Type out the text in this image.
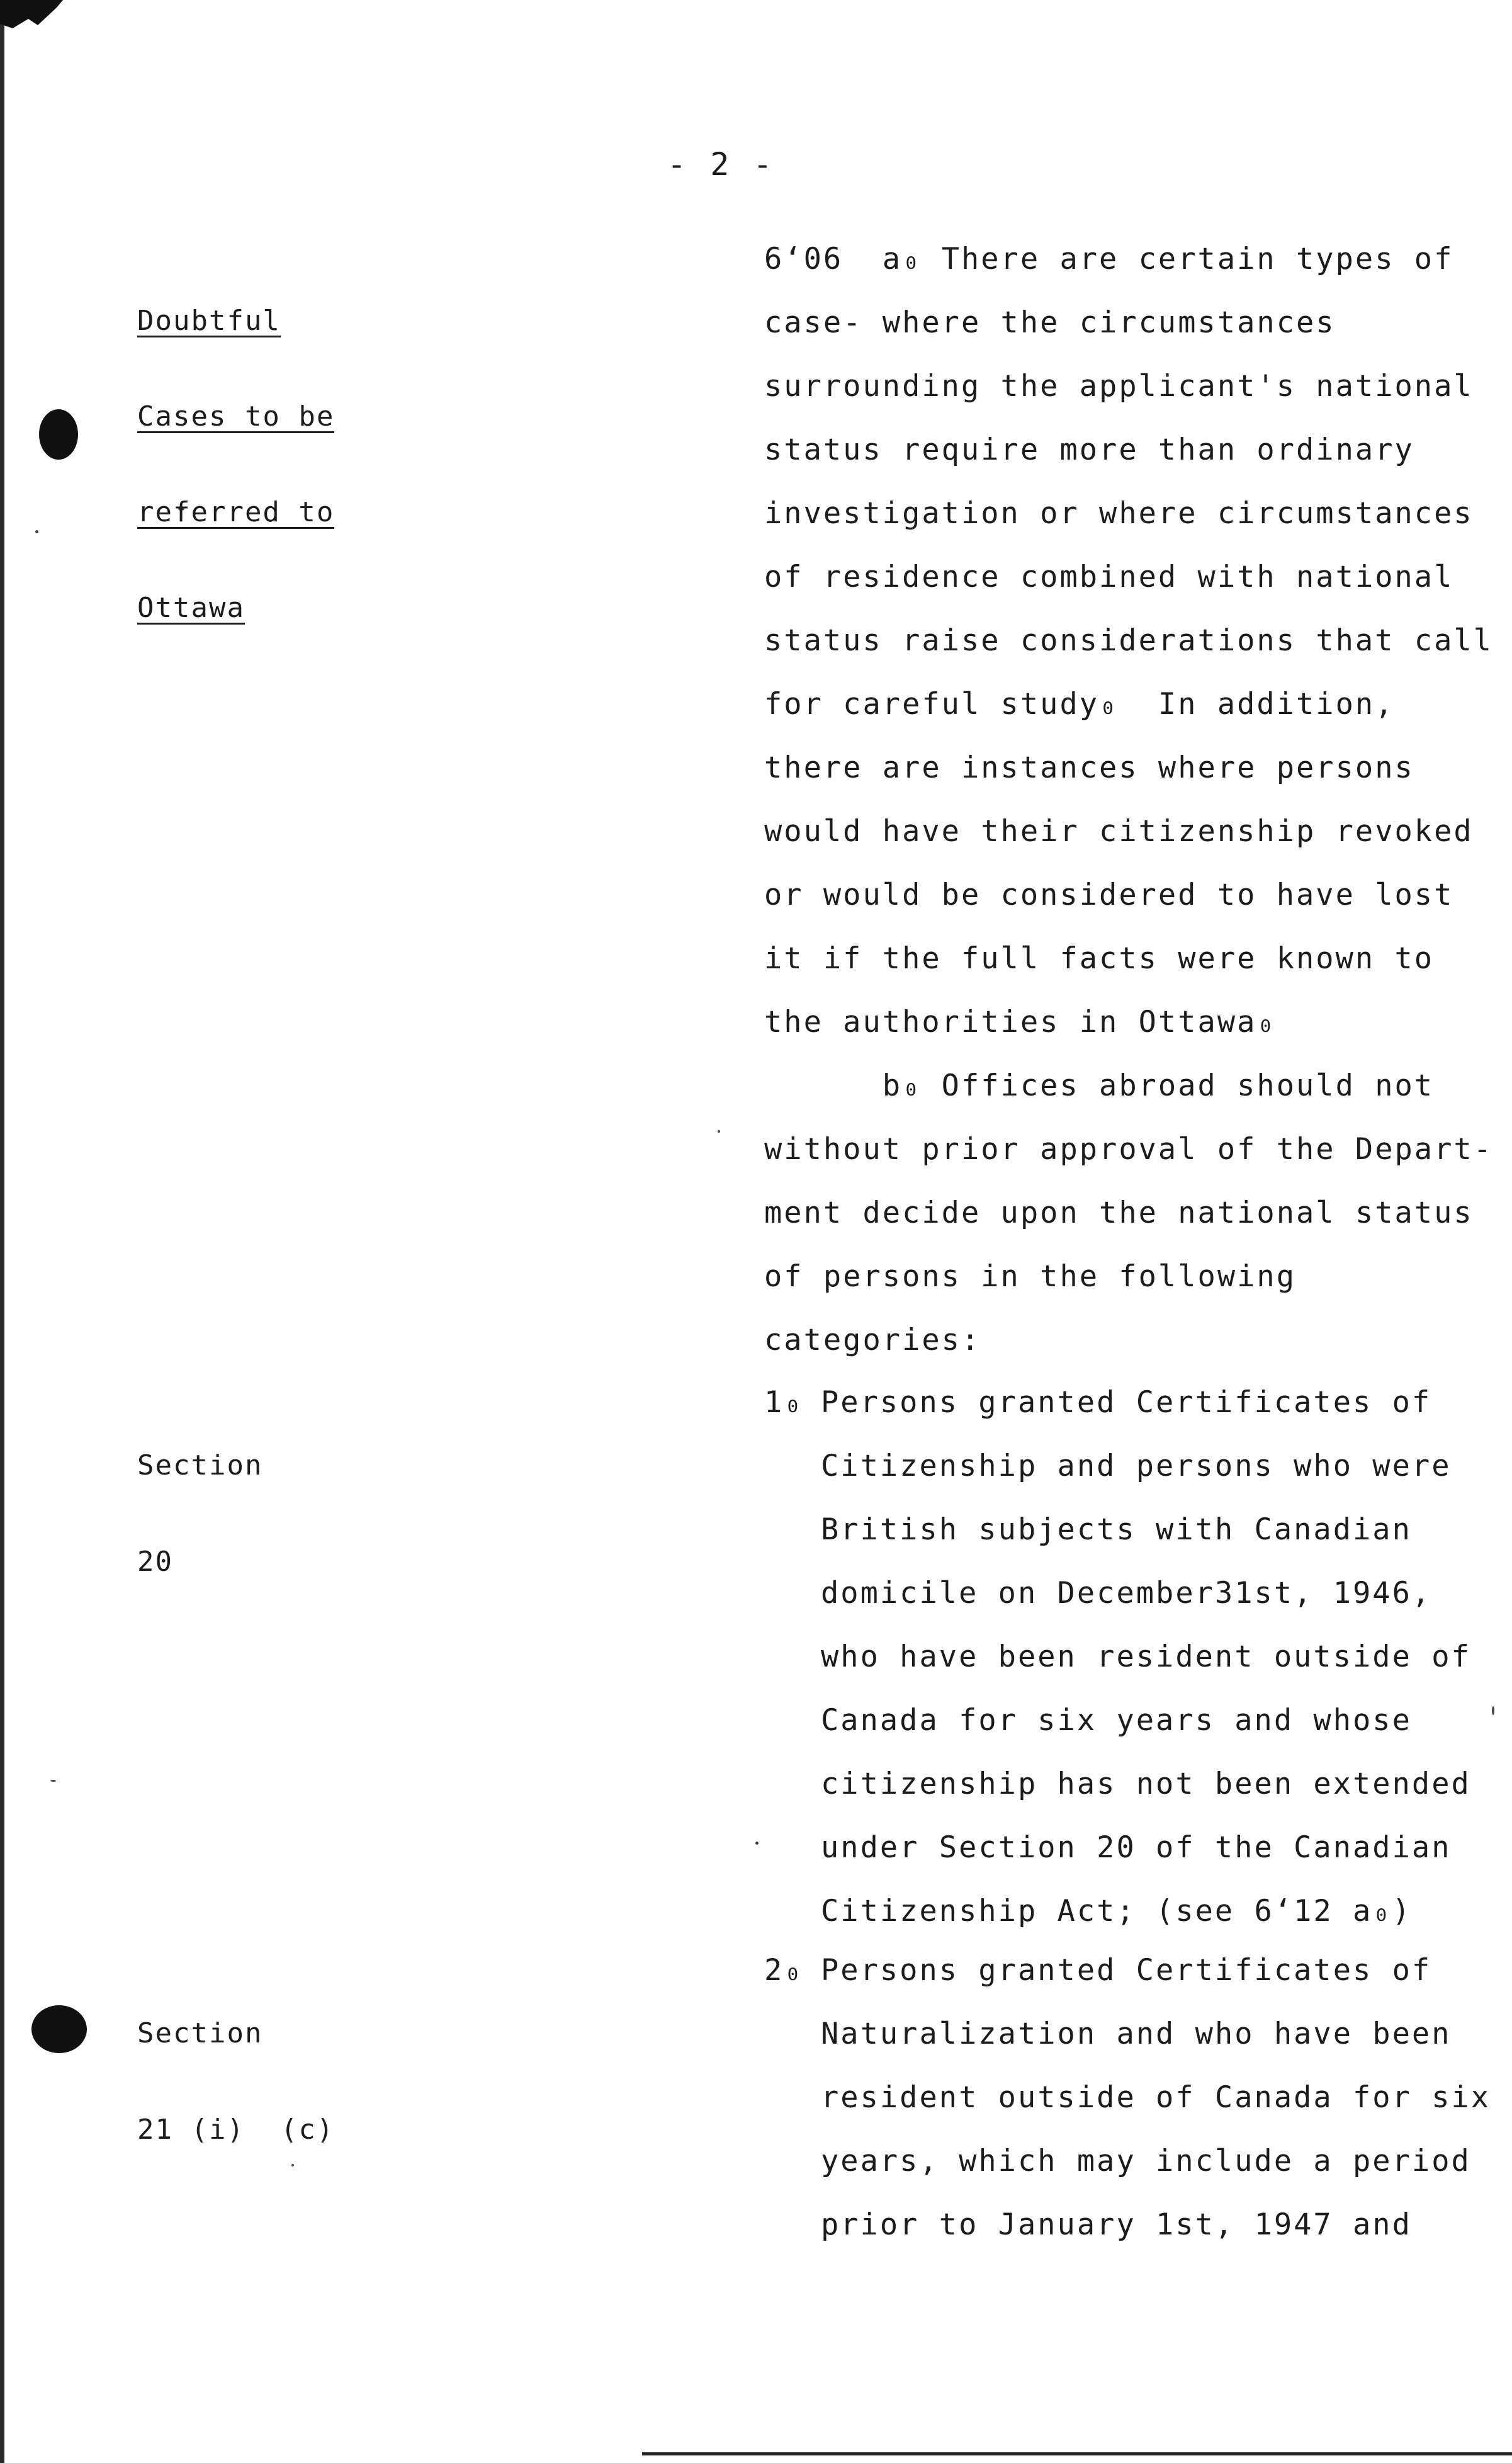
- 2 -

Doubtful

Cases to be

referred to

Ottawa

Section

20

Section

21 (i)  (c)

6‘06  a₀ There are certain types of
case‐ where the circumstances
surrounding the applicant's national
status require more than ordinary
investigation or where circumstances
of residence combined with national
status raise considerations that call
for careful study₀  In addition,
there are instances where persons
would have their citizenship revoked
or would be considered to have lost
it if the full facts were known to
the authorities in Ottawa₀
b₀ Offices abroad should not
without prior approval of the Depart-
ment decide upon the national status
of persons in the following
categories:
1₀ Persons granted Certificates of
Citizenship and persons who were
British subjects with Canadian
domicile on December31st, 1946,
who have been resident outside of
Canada for six years and whose
citizenship has not been extended
under Section 20 of the Canadian
Citizenship Act; (see 6‘12 a₀)
2₀ Persons granted Certificates of
Naturalization and who have been
resident outside of Canada for six
years, which may include a period
prior to January 1st, 1947 and
